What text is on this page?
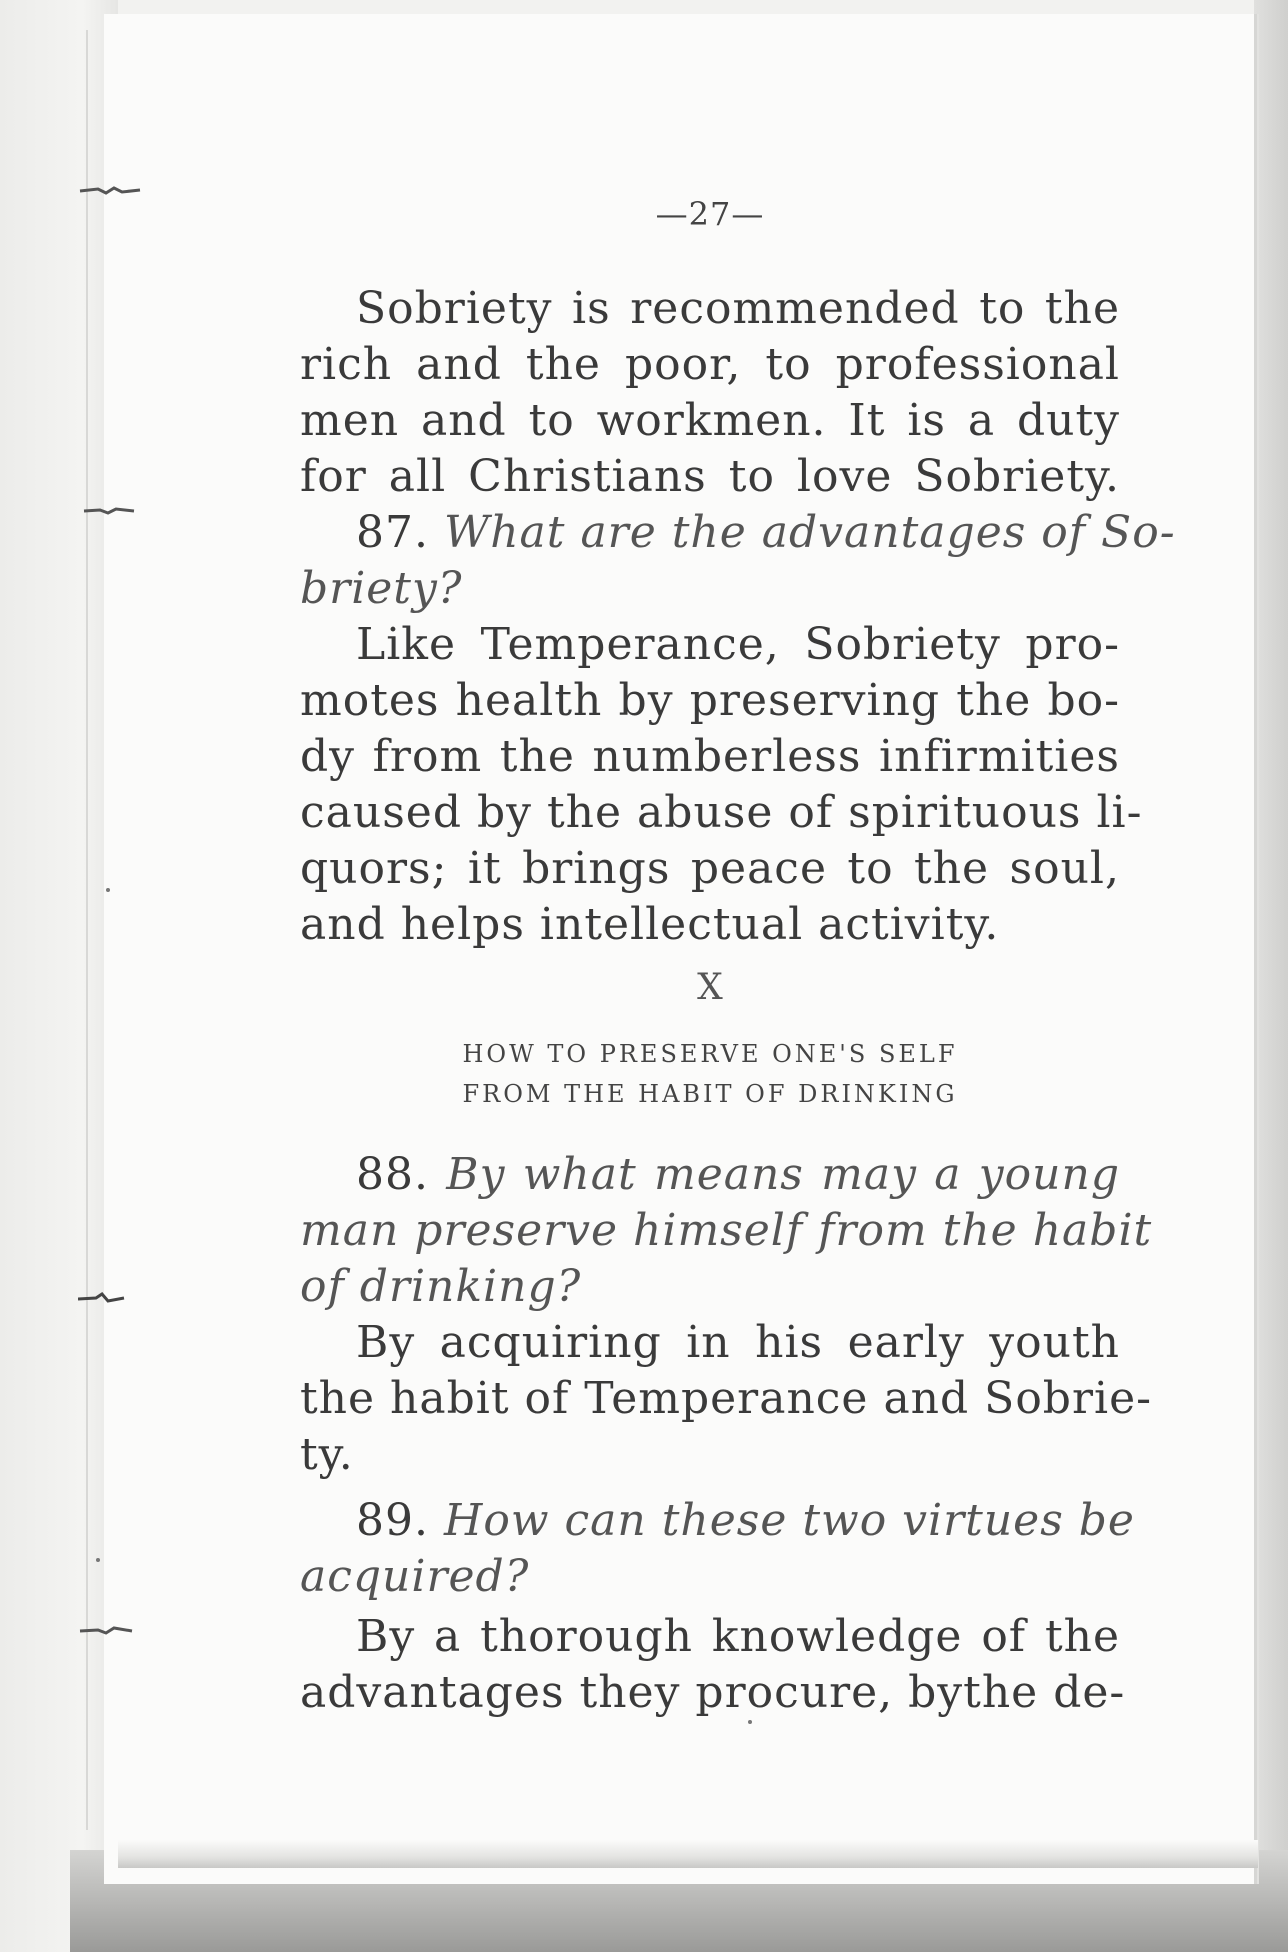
—27—
Sobriety is recommended to the
rich and the poor, to professional
men and to workmen. It is a duty
for all Christians to love Sobriety.
87. What are the advantages of So-
briety?
Like Temperance, Sobriety pro-
motes health by preserving the bo-
dy from the numberless infirmities
caused by the abuse of spirituous li-
quors; it brings peace to the soul,
and helps intellectual activity.
X
HOW TO PRESERVE ONE'S SELF
FROM THE HABIT OF DRINKING
88. By what means may a young
man preserve himself from the habit
of drinking?
By acquiring in his early youth
the habit of Temperance and Sobrie-
ty.
89. How can these two virtues be
acquired?
By a thorough knowledge of the
advantages they procure, bythe de-
